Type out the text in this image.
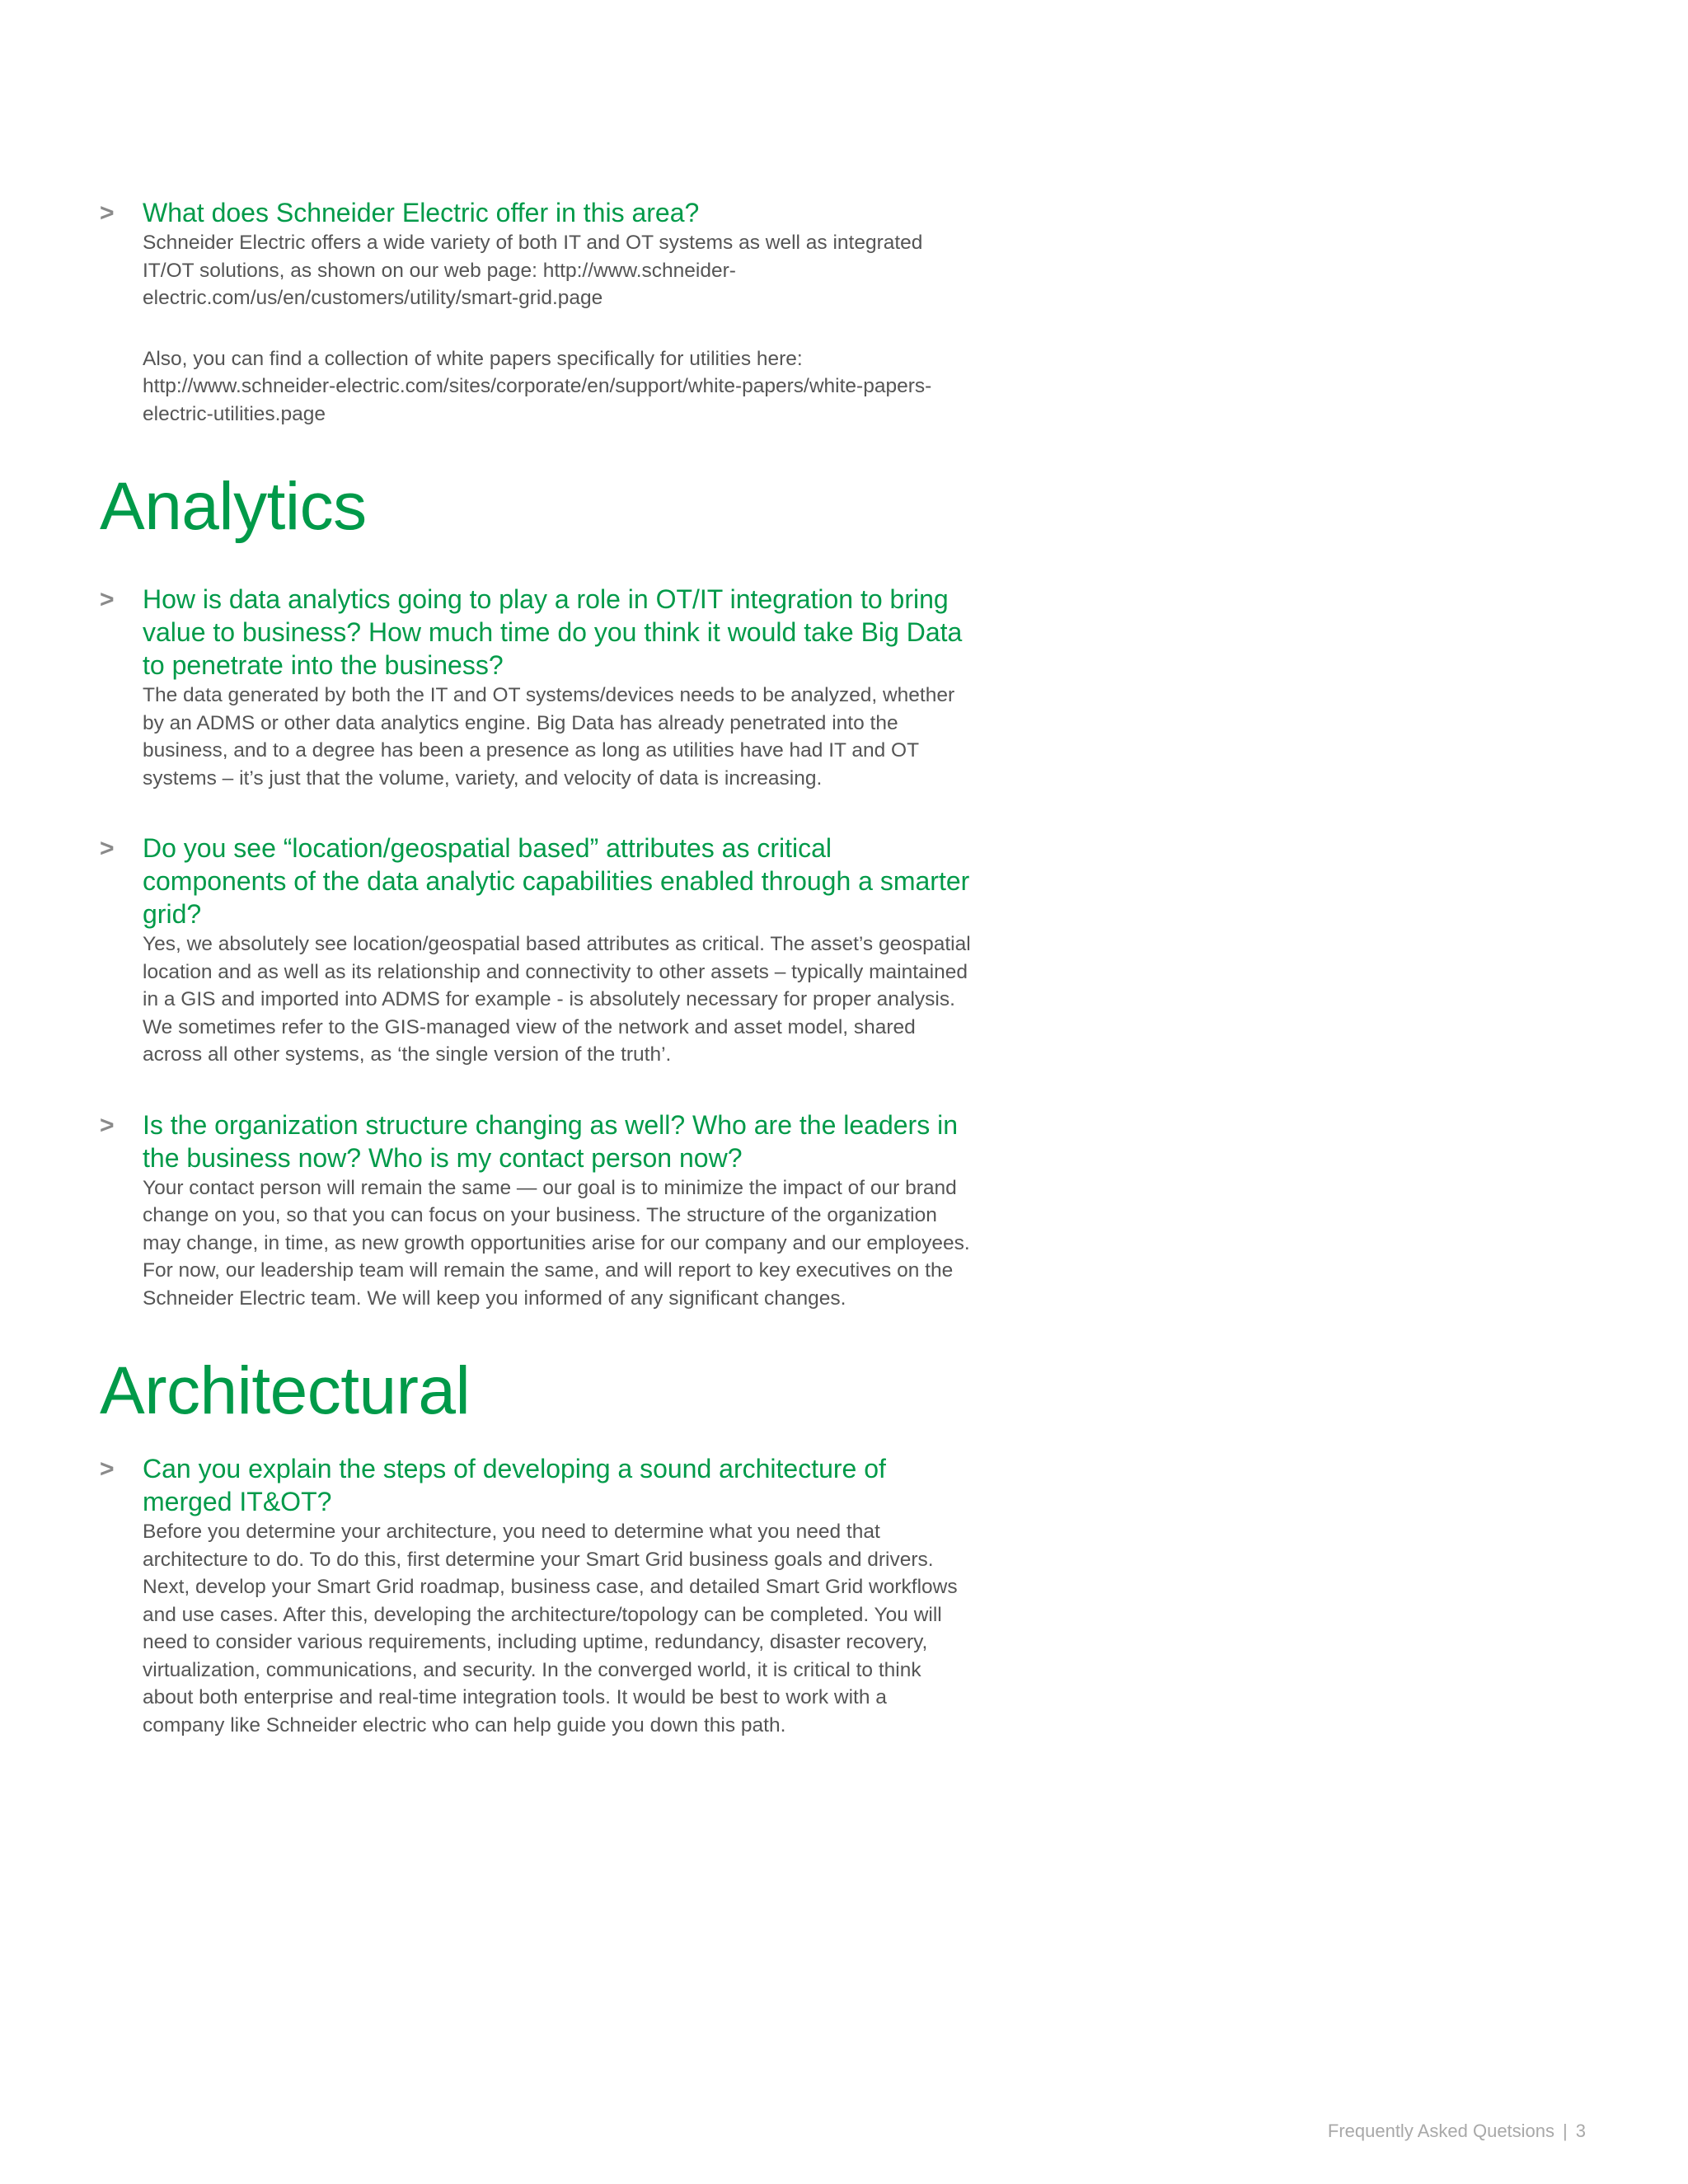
> What does Schneider Electric offer in this area?

Schneider Electric offers a wide variety of both IT and OT systems as well as integrated IT/OT solutions, as shown on our web page: http://www.schneider-electric.com/us/en/customers/utility/smart-grid.page

Also, you can find a collection of white papers specifically for utilities here: http://www.schneider-electric.com/sites/corporate/en/support/white-papers/white-papers-electric-utilities.page

Analytics
> How is data analytics going to play a role in OT/IT integration to bring value to business? How much time do you think it would take Big Data to penetrate into the business?

The data generated by both the IT and OT systems/devices needs to be analyzed, whether by an ADMS or other data analytics engine. Big Data has already penetrated into the business, and to a degree has been a presence as long as utilities have had IT and OT systems – it’s just that the volume, variety, and velocity of data is increasing.

> Do you see “location/geospatial based” attributes as critical components of the data analytic capabilities enabled through a smarter grid?

Yes, we absolutely see location/geospatial based attributes as critical. The asset’s geospatial location and as well as its relationship and connectivity to other assets – typically maintained in a GIS and imported into ADMS for example - is absolutely necessary for proper analysis. We sometimes refer to the GIS-managed view of the network and asset model, shared across all other systems, as ‘the single version of the truth’.

> Is the organization structure changing as well? Who are the leaders in the business now? Who is my contact person now?

Your contact person will remain the same — our goal is to minimize the impact of our brand change on you, so that you can focus on your business. The structure of the organization may change, in time, as new growth opportunities arise for our company and our employees. For now, our leadership team will remain the same, and will report to key executives on the Schneider Electric team. We will keep you informed of any significant changes.

Architectural
> Can you explain the steps of developing a sound architecture of merged IT&OT?

Before you determine your architecture, you need to determine what you need that architecture to do. To do this, first determine your Smart Grid business goals and drivers. Next, develop your Smart Grid roadmap, business case, and detailed Smart Grid workflows and use cases. After this, developing the architecture/topology can be completed. You will need to consider various requirements, including uptime, redundancy, disaster recovery, virtualization, communications, and security. In the converged world, it is critical to think about both enterprise and real-time integration tools. It would be best to work with a company like Schneider electric who can help guide you down this path.

Frequently Asked Quetsions | 3
